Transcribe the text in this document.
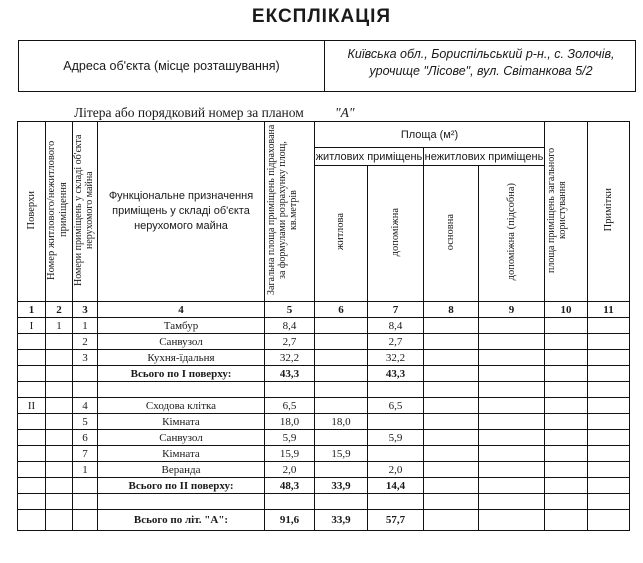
ЕКСПЛІКАЦІЯ
Адреса об'єкта (місце розташування)
Київська обл., Бориспільський р-н., с. Золочів,
урочище "Лісове", вул. Світанкова 5/2
Літера або порядковий номер за планом "А"
Поверхи	Номер житлового/нежитлового приміщення	Номери приміщень у складі об'єкта нерухомого майна	Функціональне призначення приміщень у складі об'єкта нерухомого майна	Загальна площа приміщень підрахована за формулами розрахунку площ, кв.метрів	Площа (м²)				площа приміщень загального користування	Примітки
					житлових приміщень		нежитлових приміщень			
					житлова	допоміжна	основна	допоміжна (підсобна)		
1	2	3	4	5	6	7	8	9	10	11
І	1	1	Тамбур	8,4		8,4				
		2	Санвузол	2,7		2,7				
		3	Кухня-їдальня	32,2		32,2				
			Всього по І поверху:	43,3		43,3				

ІІ		4	Сходова клітка	6,5		6,5				
		5	Кімната	18,0	18,0					
		6	Санвузол	5,9		5,9				
		7	Кімната	15,9	15,9					
		1	Веранда	2,0		2,0				
			Всього по ІІ поверху:	48,3	33,9	14,4				

			Всього по літ. "А":	91,6	33,9	57,7				
